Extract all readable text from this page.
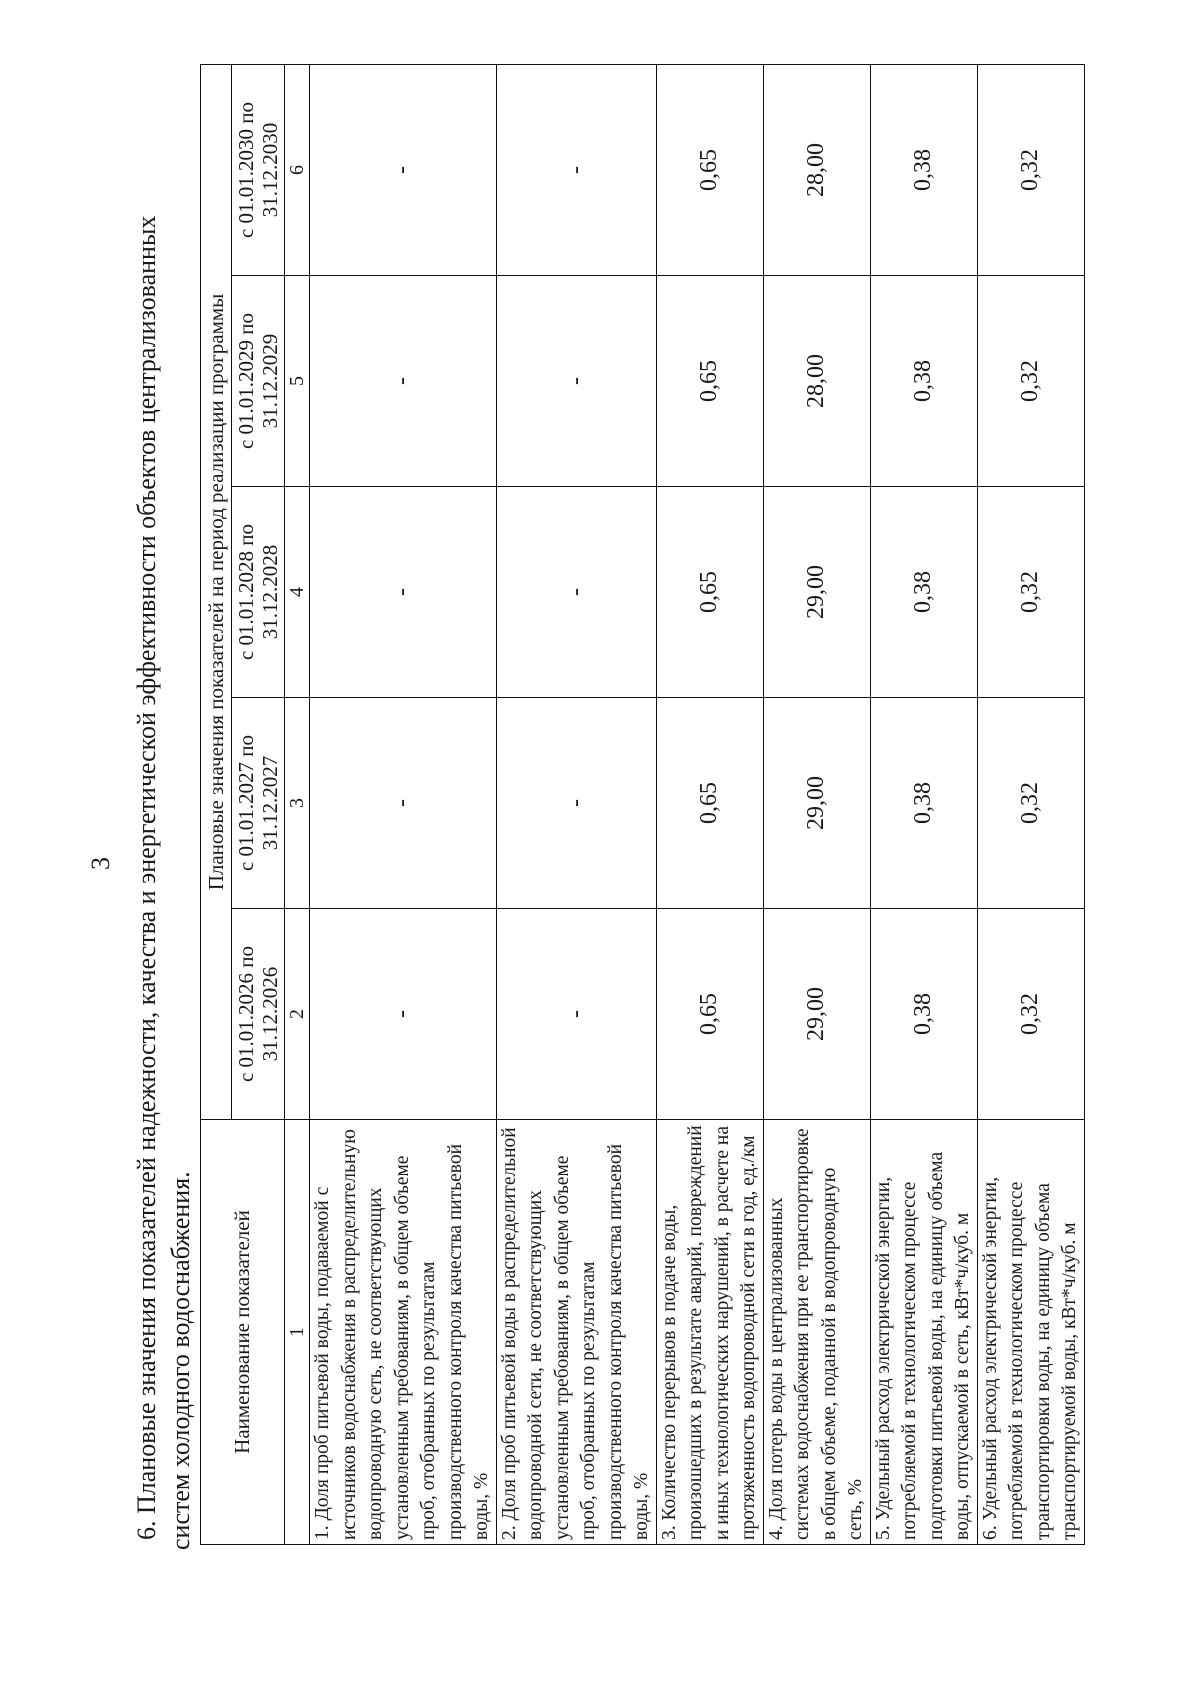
3 6. Плановые значения показателей надежности, качества и энергетической эффективности объектов централизованных систем холодного водоснабжения. Наименование показателей	Плановые значения показателей на период реализации программы				
	с 01.01.2026 по 31.12.2026	с 01.01.2027 по 31.12.2027	с 01.01.2028 по 31.12.2028	с 01.01.2029 по 31.12.2029	с 01.01.2030 по 31.12.2030
1	2	3	4	5	6
1. Доля проб питьевой воды, подаваемой с источников водоснабжения в распределительную водопроводную сеть, не соответствующих установленным требованиям, в общем объеме проб, отобранных по результатам производственного контроля качества питьевой воды, %	-	-	-	-	-
2. Доля проб питьевой воды в распределительной водопроводной сети, не соответствующих установленным требованиям, в общем объеме проб, отобранных по результатам производственного контроля качества питьевой воды, %	-	-	-	-	-
3. Количество перерывов в подаче воды, произошедших в результате аварий, повреждений и иных технологических нарушений, в расчете на протяженность водопроводной сети в год, ед./км	0,65	0,65	0,65	0,65	0,65
4. Доля потерь воды в централизованных системах водоснабжения при ее транспортировке в общем объеме, поданной в водопроводную сеть, %	29,00	29,00	29,00	28,00	28,00
5. Удельный расход электрической энергии, потребляемой в технологическом процессе подготовки питьевой воды, на единицу объема воды, отпускаемой в сеть, кВт*ч/куб. м	0,38	0,38	0,38	0,38	0,38
6. Удельный расход электрической энергии, потребляемой в технологическом процессе транспортировки воды, на единицу объема транспортируемой воды, кВт*ч/куб. м	0,32	0,32	0,32	0,32	0,32
